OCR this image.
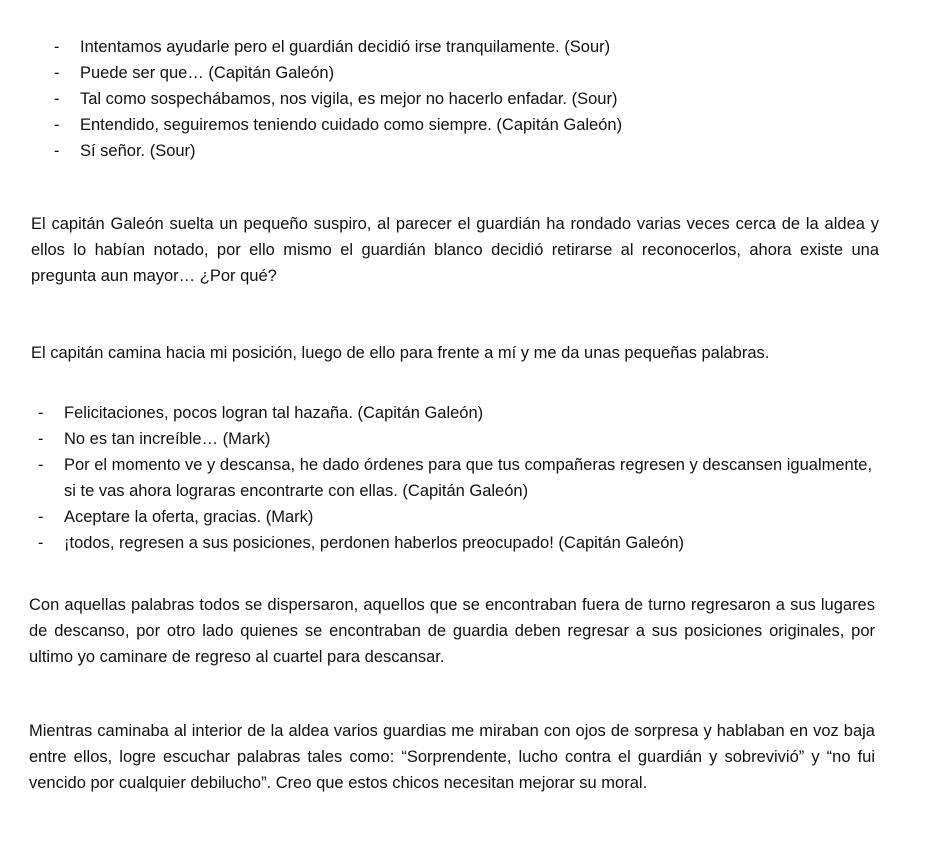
- Intentamos ayudarle pero el guardián decidió irse tranquilamente. (Sour)
- Puede ser que… (Capitán Galeón)
- Tal como sospechábamos, nos vigila, es mejor no hacerlo enfadar. (Sour)
- Entendido, seguiremos teniendo cuidado como siempre. (Capitán Galeón)
- Sí señor. (Sour)

El capitán Galeón suelta un pequeño suspiro, al parecer el guardián ha rondado varias veces cerca de la aldea y ellos lo habían notado, por ello mismo el guardián blanco decidió retirarse al reconocerlos, ahora existe una pregunta aun mayor… ¿Por qué?

El capitán camina hacia mi posición, luego de ello para frente a mí y me da unas pequeñas palabras.

- Felicitaciones, pocos logran tal hazaña. (Capitán Galeón)
- No es tan increíble… (Mark)
- Por el momento ve y descansa, he dado órdenes para que tus compañeras regresen y descansen igualmente, si te vas ahora lograras encontrarte con ellas. (Capitán Galeón)
- Aceptare la oferta, gracias. (Mark)
- ¡todos, regresen a sus posiciones, perdonen haberlos preocupado! (Capitán Galeón)

Con aquellas palabras todos se dispersaron, aquellos que se encontraban fuera de turno regresaron a sus lugares de descanso, por otro lado quienes se encontraban de guardia deben regresar a sus posiciones originales, por ultimo yo caminare de regreso al cuartel para descansar.

Mientras caminaba al interior de la aldea varios guardias me miraban con ojos de sorpresa y hablaban en voz baja entre ellos, logre escuchar palabras tales como: “Sorprendente, lucho contra el guardián y sobrevivió” y “no fui vencido por cualquier debilucho”. Creo que estos chicos necesitan mejorar su moral.
